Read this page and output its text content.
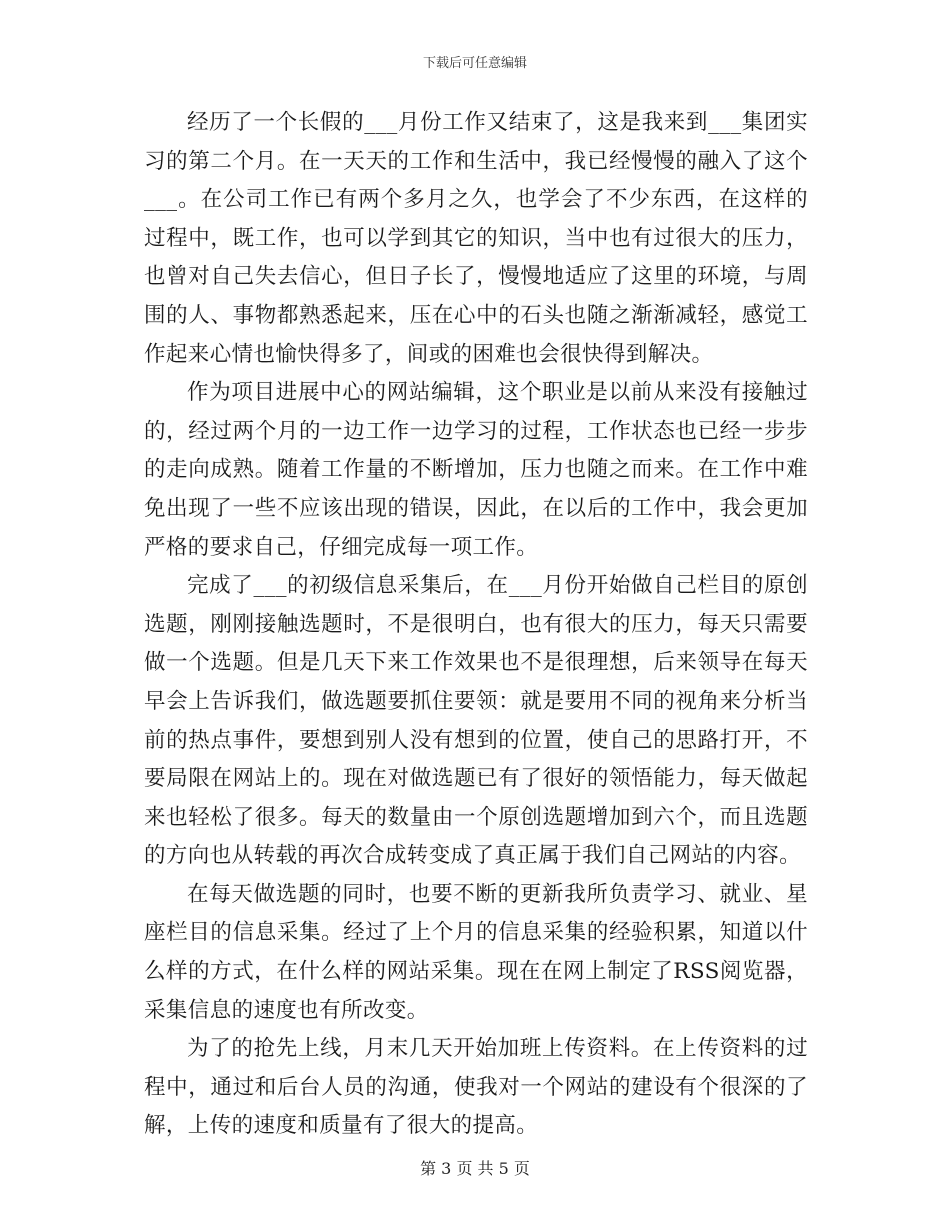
下载后可任意编辑

经历了一个长假的___月份工作又结束了，这是我来到___集团实习的第二个月。在一天天的工作和生活中，我已经慢慢的融入了这个___。在公司工作已有两个多月之久，也学会了不少东西，在这样的过程中，既工作，也可以学到其它的知识，当中也有过很大的压力，也曾对自己失去信心，但日子长了，慢慢地适应了这里的环境，与周围的人、事物都熟悉起来，压在心中的石头也随之渐渐减轻，感觉工作起来心情也愉快得多了，间或的困难也会很快得到解决。

作为项目进展中心的网站编辑，这个职业是以前从来没有接触过的，经过两个月的一边工作一边学习的过程，工作状态也已经一步步的走向成熟。随着工作量的不断增加，压力也随之而来。在工作中难免出现了一些不应该出现的错误，因此，在以后的工作中，我会更加严格的要求自己，仔细完成每一项工作。

完成了___的初级信息采集后，在___月份开始做自己栏目的原创选题，刚刚接触选题时，不是很明白，也有很大的压力，每天只需要做一个选题。但是几天下来工作效果也不是很理想，后来领导在每天早会上告诉我们，做选题要抓住要领：就是要用不同的视角来分析当前的热点事件，要想到别人没有想到的位置，使自己的思路打开，不要局限在网站上的。现在对做选题已有了很好的领悟能力，每天做起来也轻松了很多。每天的数量由一个原创选题增加到六个，而且选题的方向也从转载的再次合成转变成了真正属于我们自己网站的内容。

在每天做选题的同时，也要不断的更新我所负责学习、就业、星座栏目的信息采集。经过了上个月的信息采集的经验积累，知道以什么样的方式，在什么样的网站采集。现在在网上制定了RSS阅览器，采集信息的速度也有所改变。

为了的抢先上线，月末几天开始加班上传资料。在上传资料的过程中，通过和后台人员的沟通，使我对一个网站的建设有个很深的了解，上传的速度和质量有了很大的提高。

第 3 页 共 5 页
